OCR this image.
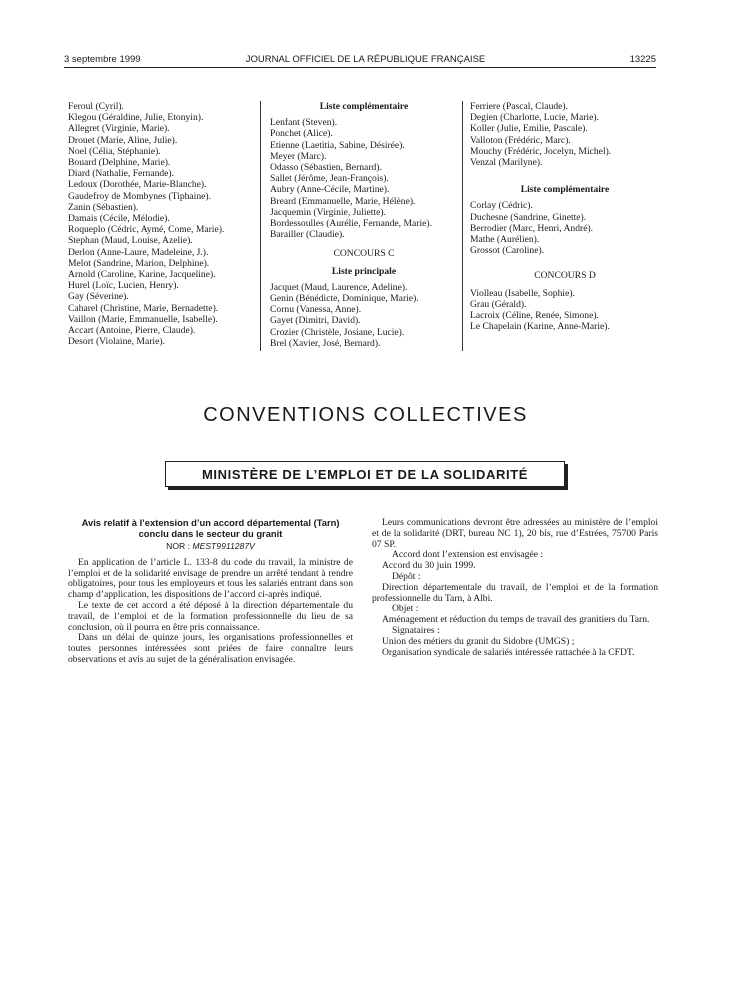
3 septembre 1999	JOURNAL OFFICIEL DE LA RÉPUBLIQUE FRANÇAISE	13225
Feroul (Cyril).
Klegou (Géraldine, Julie, Etonyin).
Allegret (Virginie, Marie).
Drouet (Marie, Aline, Julie).
Noel (Célia, Stéphanie).
Bouard (Delphine, Marie).
Diard (Nathalie, Fernande).
Ledoux (Dorothée, Marie-Blanche).
Gaudefroy de Mombynes (Tiphaine).
Zanin (Sébastien).
Damais (Cécile, Mélodie).
Roqueplo (Cédric, Aymé, Come, Marie).
Stephan (Maud, Louise, Azelie).
Derlon (Anne-Laure, Madeleine, J.).
Melot (Sandrine, Marion, Delphine).
Arnold (Caroline, Karine, Jacqueline).
Hurel (Loïc, Lucien, Henry).
Gay (Séverine).
Caharel (Christine, Marie, Bernadette).
Vaillon (Marie, Emmanuelle, Isabelle).
Accart (Antoine, Pierre, Claude).
Desort (Violaine, Marie).
Liste complémentaire
Lenfant (Steven).
Ponchet (Alice).
Etienne (Laetitia, Sabine, Désirée).
Meyer (Marc).
Odasso (Sébastien, Bernard).
Sallet (Jérôme, Jean-François).
Aubry (Anne-Cécile, Martine).
Breard (Emmanuelle, Marie, Hélène).
Jacquemin (Virginie, Juliette).
Bordessoulles (Aurélie, Fernande, Marie).
Barailler (Claudie).
CONCOURS C
Liste principale
Jacquet (Maud, Laurence, Adeline).
Genin (Bénédicte, Dominique, Marie).
Cornu (Vanessa, Anne).
Gayet (Dimitri, David).
Crozier (Christèle, Josiane, Lucie).
Brel (Xavier, José, Bernard).
Ferriere (Pascal, Claude).
Degien (Charlotte, Lucie, Marie).
Koller (Julie, Emilie, Pascale).
Valloton (Frédéric, Marc).
Mouchy (Frédéric, Jocelyn, Michel).
Venzal (Marilyne).
Liste complémentaire
Corlay (Cédric).
Duchesne (Sandrine, Ginette).
Berrodier (Marc, Henri, André).
Mathe (Aurélien).
Grossot (Caroline).
CONCOURS D
Violleau (Isabelle, Sophie).
Grau (Gérald).
Lacroix (Céline, Renée, Simone).
Le Chapelain (Karine, Anne-Marie).
CONVENTIONS COLLECTIVES
MINISTÈRE DE L’EMPLOI ET DE LA SOLIDARITÉ
Avis relatif à l’extension d’un accord départemental (Tarn)
conclu dans le secteur du granit
NOR : MEST9911287V

En application de l’article L. 133-8 du code du travail, la ministre de l’emploi et de la solidarité envisage de prendre un arrêté tendant à rendre obligatoires, pour tous les employeurs et tous les salariés entrant dans son champ d’application, les dispositions de l’accord ci-après indiqué.

Le texte de cet accord a été déposé à la direction départementale du travail, de l’emploi et de la formation professionnelle du lieu de sa conclusion, où il pourra en être pris connaissance.

Dans un délai de quinze jours, les organisations professionnelles et toutes personnes intéressées sont priées de faire connaître leurs observations et avis au sujet de la généralisation envisagée.

Leurs communications devront être adressées au ministère de l’emploi et de la solidarité (DRT, bureau NC 1), 20 bis, rue d’Estrées, 75700 Paris 07 SP.

Accord dont l’extension est envisagée :

Accord du 30 juin 1999.

Dépôt :

Direction départementale du travail, de l’emploi et de la formation professionnelle du Tarn, à Albi.

Objet :

Aménagement et réduction du temps de travail des granitiers du Tarn.

Signataires :

Union des métiers du granit du Sidobre (UMGS) ;

Organisation syndicale de salariés intéressée rattachée à la CFDT.
